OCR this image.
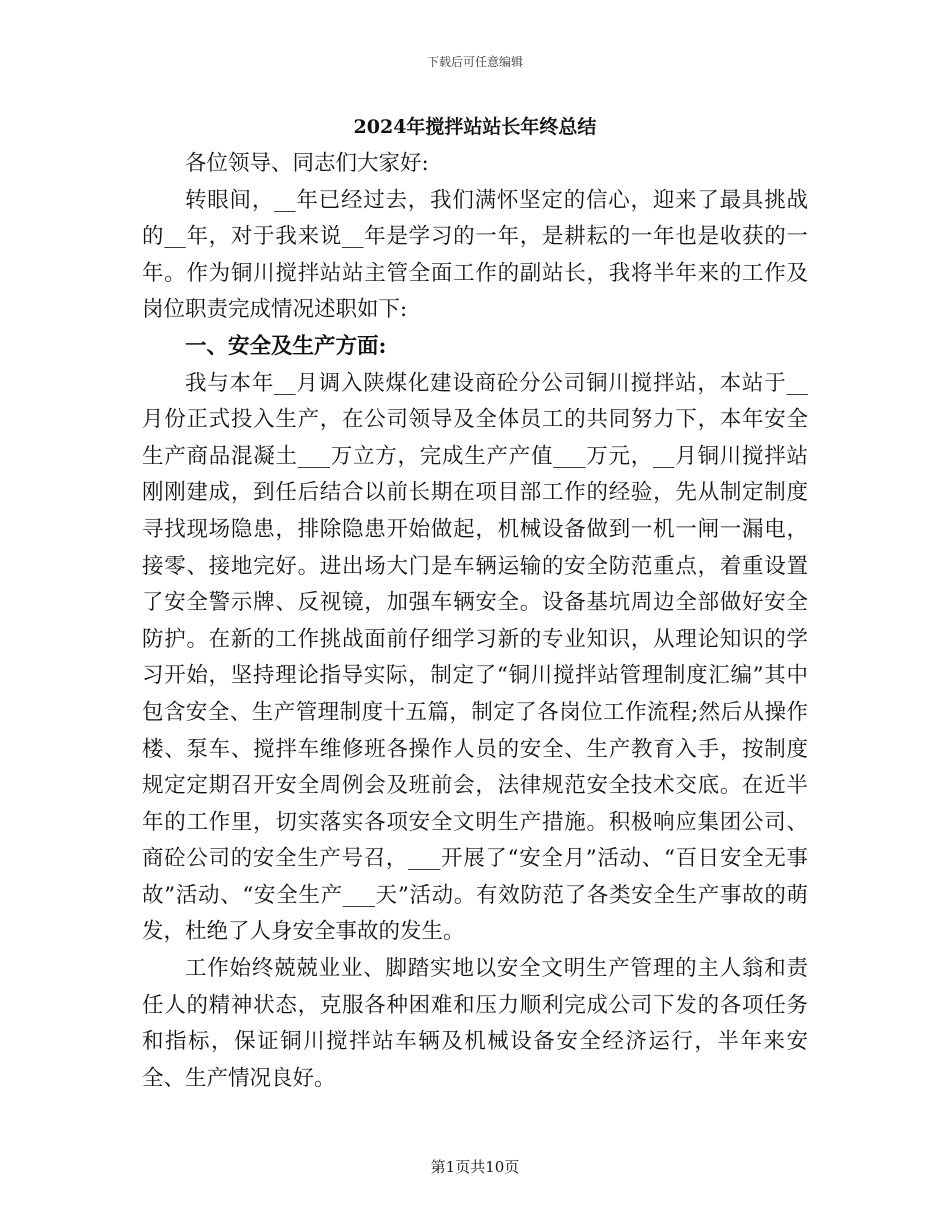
下载后可任意编辑
2024年搅拌站站长年终总结

各位领导、同志们大家好:

转眼间，__年已经过去，我们满怀坚定的信心，迎来了最具挑战的__年，对于我来说__年是学习的一年，是耕耘的一年也是收获的一年。作为铜川搅拌站站主管全面工作的副站长，我将半年来的工作及岗位职责完成情况述职如下:

一、安全及生产方面:

我与本年__月调入陕煤化建设商砼分公司铜川搅拌站，本站于__月份正式投入生产，在公司领导及全体员工的共同努力下，本年安全生产商品混凝土___万立方，完成生产产值___万元，__月铜川搅拌站刚刚建成，到任后结合以前长期在项目部工作的经验，先从制定制度寻找现场隐患，排除隐患开始做起，机械设备做到一机一闸一漏电，接零、接地完好。进出场大门是车辆运输的安全防范重点，着重设置了安全警示牌、反视镜，加强车辆安全。设备基坑周边全部做好安全防护。在新的工作挑战面前仔细学习新的专业知识，从理论知识的学习开始，坚持理论指导实际，制定了“铜川搅拌站管理制度汇编”其中包含安全、生产管理制度十五篇，制定了各岗位工作流程;然后从操作楼、泵车、搅拌车维修班各操作人员的安全、生产教育入手，按制度规定定期召开安全周例会及班前会，法律规范安全技术交底。在近半年的工作里，切实落实各项安全文明生产措施。积极响应集团公司、商砼公司的安全生产号召，___开展了“安全月”活动、“百日安全无事故”活动、“安全生产___天”活动。有效防范了各类安全生产事故的萌发，杜绝了人身安全事故的发生。

工作始终兢兢业业、脚踏实地以安全文明生产管理的主人翁和责任人的精神状态，克服各种困难和压力顺利完成公司下发的各项任务和指标，保证铜川搅拌站车辆及机械设备安全经济运行，半年来安全、生产情况良好。

第1页共10页
